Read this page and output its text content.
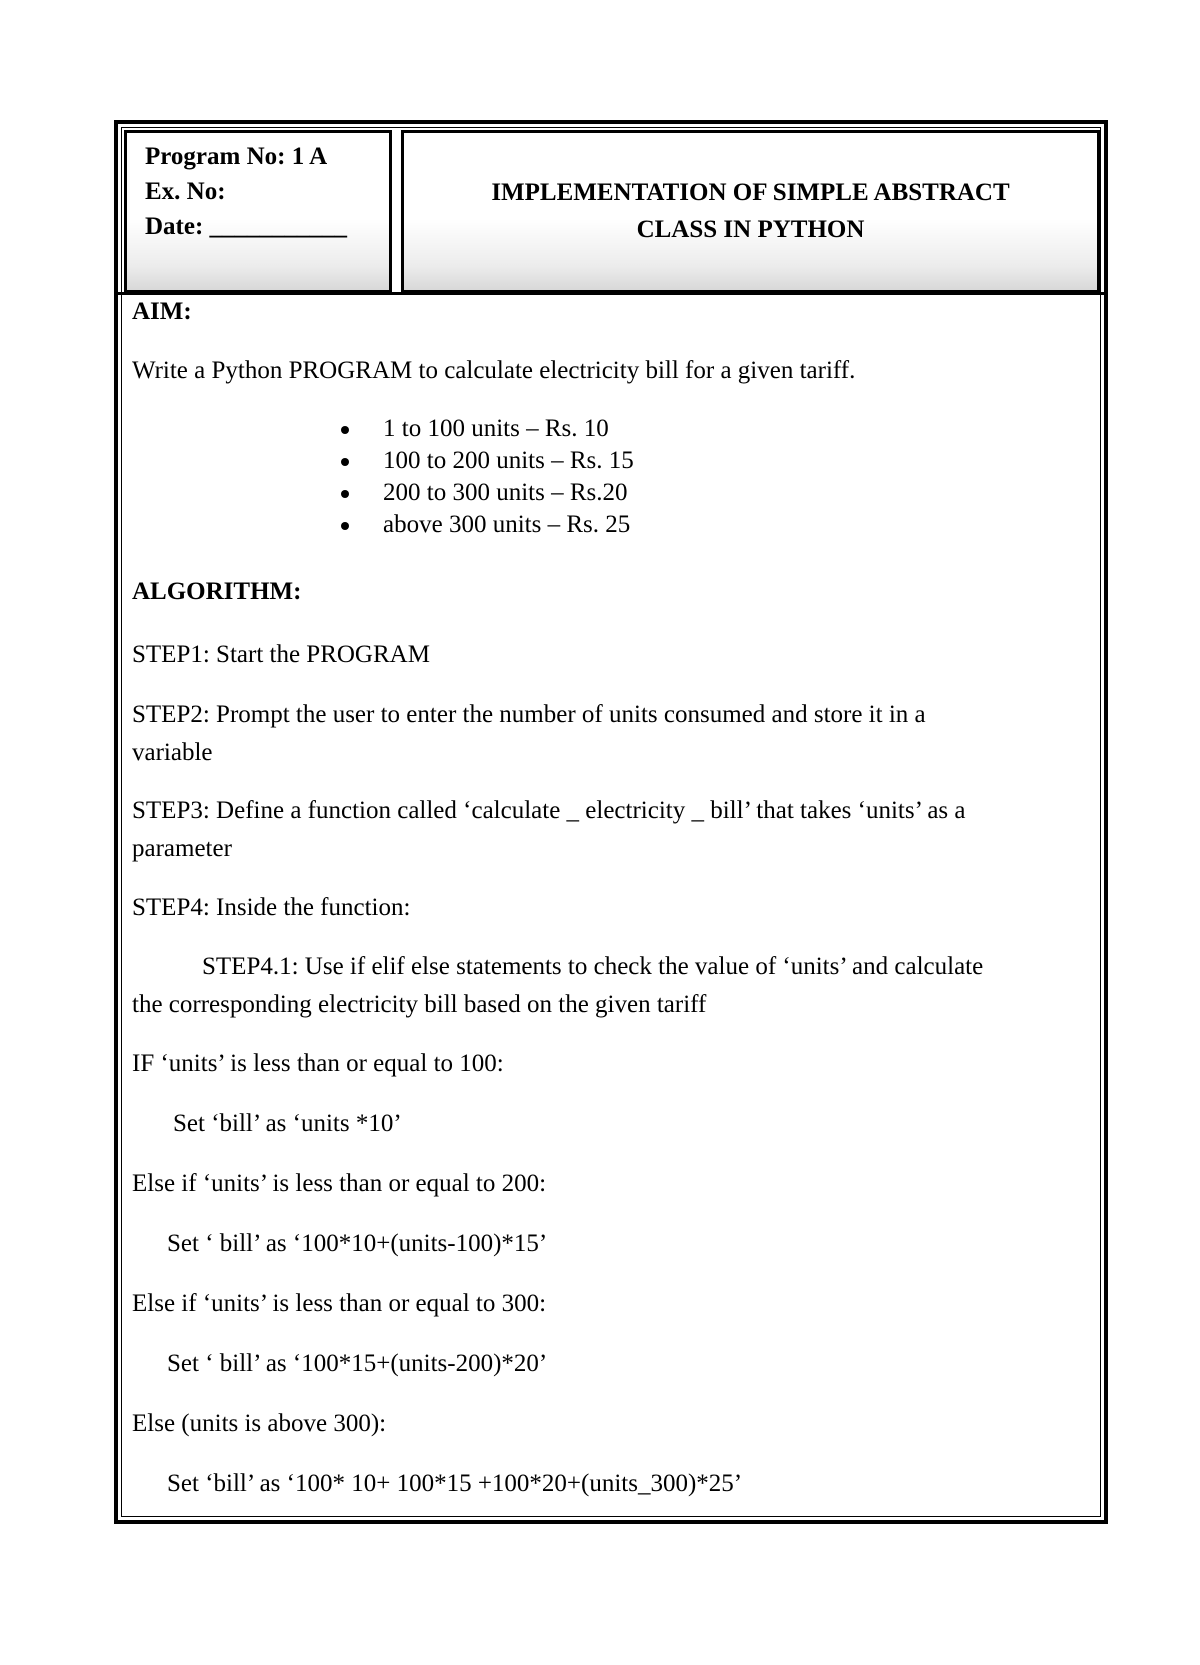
Program No: 1 A
Ex. No:
Date: ___________
IMPLEMENTATION OF SIMPLE ABSTRACT
CLASS IN PYTHON
AIM:
Write a Python PROGRAM to calculate electricity bill for a given tariff.
1 to 100 units – Rs. 10
100 to 200 units – Rs. 15
200 to 300 units – Rs.20
above 300 units – Rs. 25
ALGORITHM:
STEP1: Start the PROGRAM
STEP2: Prompt the user to enter the number of units consumed and store it in a
variable
STEP3: Define a function called ‘calculate _ electricity _ bill’ that takes ‘units’ as a
parameter
STEP4: Inside the function:
STEP4.1: Use if elif else statements to check the value of ‘units’ and calculate
the corresponding electricity bill based on the given tariff
IF ‘units’ is less than or equal to 100:
Set ‘bill’ as ‘units *10’
Else if ‘units’ is less than or equal to 200:
Set ‘ bill’ as ‘100*10+(units-100)*15’
Else if ‘units’ is less than or equal to 300:
Set ‘ bill’ as ‘100*15+(units-200)*20’
Else (units is above 300):
Set ‘bill’ as ‘100* 10+ 100*15 +100*20+(units_300)*25’
